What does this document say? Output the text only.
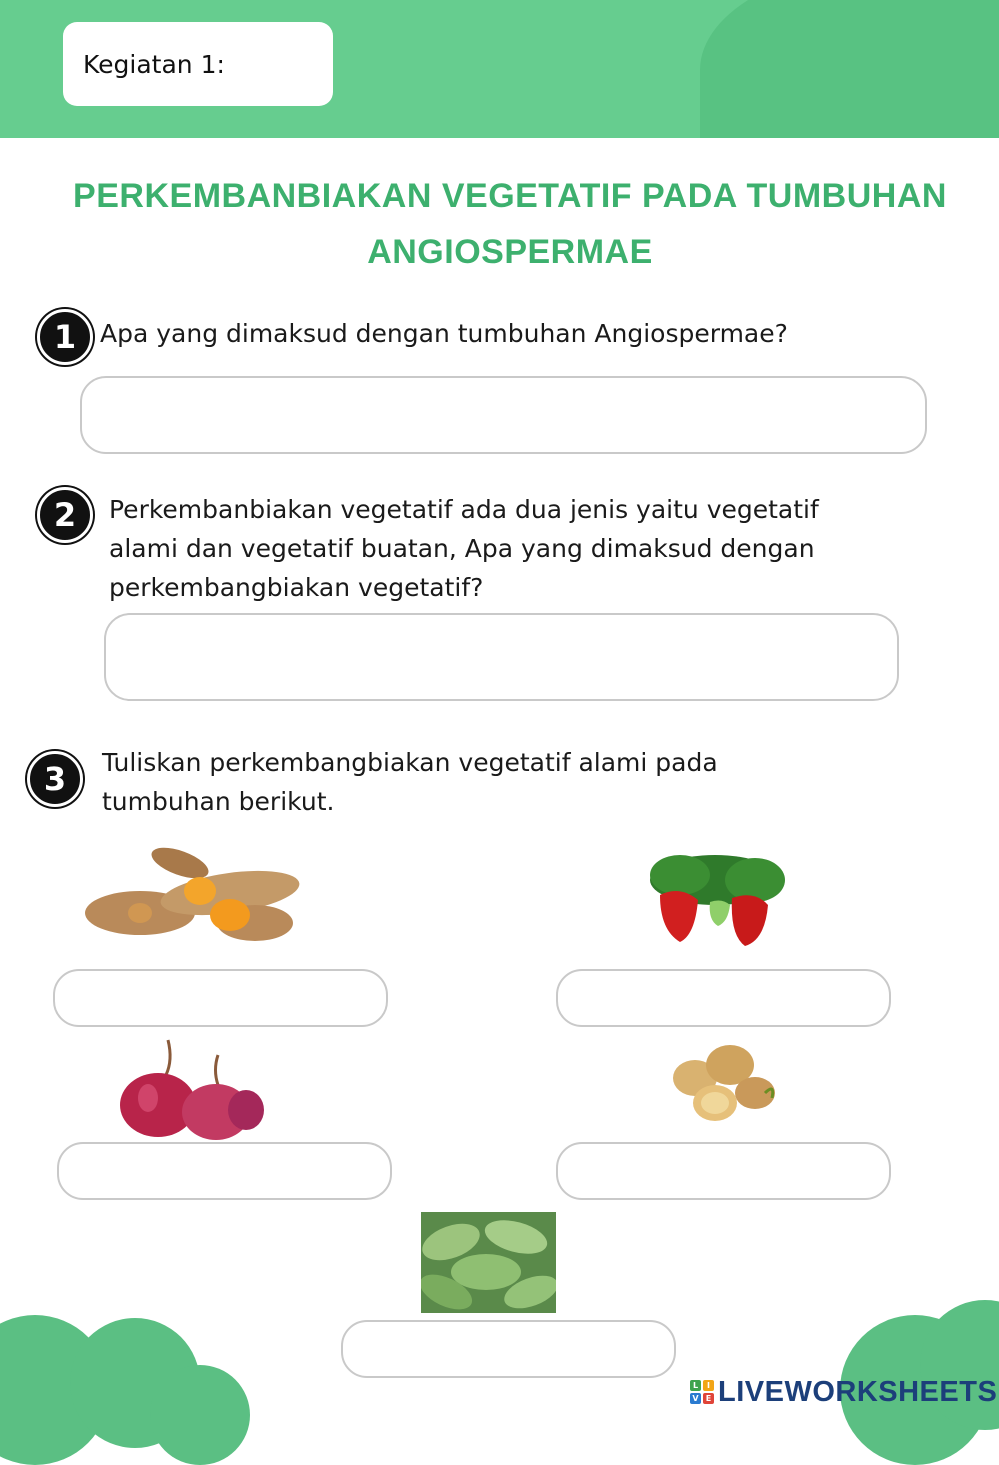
Kegiatan 1:
PERKEMBANBIAKAN VEGETATIF PADA TUMBUHAN
ANGIOSPERMAE
1 Apa yang dimaksud dengan tumbuhan Angiospermae?
2	Perkembanbiakan vegetatif ada dua jenis yaitu vegetatif
alami dan vegetatif buatan, Apa yang dimaksud dengan
perkembangbiakan vegetatif?
3	Tuliskan perkembangbiakan vegetatif alami pada
tumbuhan berikut.
L	I
V E LIVEWORKSHEETS
